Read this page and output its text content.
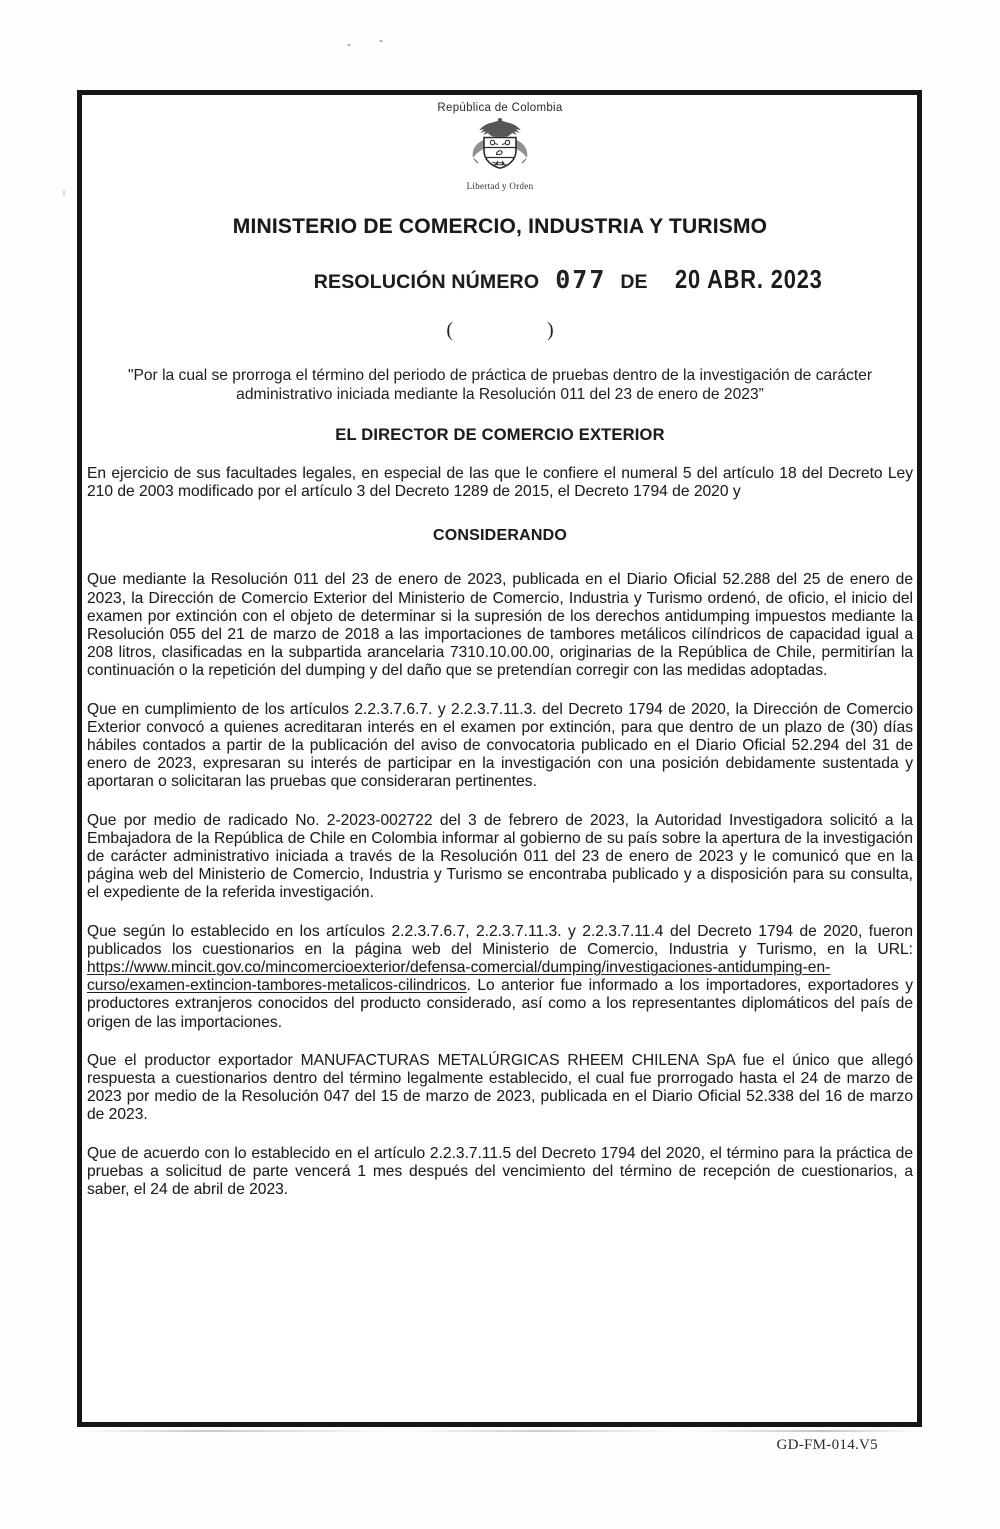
República de Colombia
Libertad y Orden
MINISTERIO DE COMERCIO, INDUSTRIA Y TURISMO
RESOLUCIÓN NÚMERO 077 DE 20 ABR. 2023
(	)

"Por la cual se prorroga el término del periodo de práctica de pruebas dentro de la investigación de carácter administrativo iniciada mediante la Resolución 011 del 23 de enero de 2023”

EL DIRECTOR DE COMERCIO EXTERIOR

En ejercicio de sus facultades legales, en especial de las que le confiere el numeral 5 del artículo 18 del Decreto Ley 210 de 2003 modificado por el artículo 3 del Decreto 1289 de 2015, el Decreto 1794 de 2020 y

CONSIDERANDO

Que mediante la Resolución 011 del 23 de enero de 2023, publicada en el Diario Oficial 52.288 del 25 de enero de 2023, la Dirección de Comercio Exterior del Ministerio de Comercio, Industria y Turismo ordenó, de oficio, el inicio del examen por extinción con el objeto de determinar si la supresión de los derechos antidumping impuestos mediante la Resolución 055 del 21 de marzo de 2018 a las importaciones de tambores metálicos cilíndricos de capacidad igual a 208 litros, clasificadas en la subpartida arancelaria 7310.10.00.00, originarias de la República de Chile, permitirían la continuación o la repetición del dumping y del daño que se pretendían corregir con las medidas adoptadas.

Que en cumplimiento de los artículos 2.2.3.7.6.7. y 2.2.3.7.11.3. del Decreto 1794 de 2020, la Dirección de Comercio Exterior convocó a quienes acreditaran interés en el examen por extinción, para que dentro de un plazo de (30) días hábiles contados a partir de la publicación del aviso de convocatoria publicado en el Diario Oficial 52.294 del 31 de enero de 2023, expresaran su interés de participar en la investigación con una posición debidamente sustentada y aportaran o solicitaran las pruebas que consideraran pertinentes.

Que por medio de radicado No. 2-2023-002722 del 3 de febrero de 2023, la Autoridad Investigadora solicitó a la Embajadora de la República de Chile en Colombia informar al gobierno de su país sobre la apertura de la investigación de carácter administrativo iniciada a través de la Resolución 011 del 23 de enero de 2023 y le comunicó que en la página web del Ministerio de Comercio, Industria y Turismo se encontraba publicado y a disposición para su consulta, el expediente de la referida investigación.

Que según lo establecido en los artículos 2.2.3.7.6.7, 2.2.3.7.11.3. y 2.2.3.7.11.4 del Decreto 1794 de 2020, fueron publicados los cuestionarios en la página web del Ministerio de Comercio, Industria y Turismo, en la URL: https://www.mincit.gov.co/mincomercioexterior/defensa-comercial/dumping/investigaciones-antidumping-en-curso/examen-extincion-tambores-metalicos-cilindricos. Lo anterior fue informado a los importadores, exportadores y productores extranjeros conocidos del producto considerado, así como a los representantes diplomáticos del país de origen de las importaciones.

Que el productor exportador MANUFACTURAS METALÚRGICAS RHEEM CHILENA SpA fue el único que allegó respuesta a cuestionarios dentro del término legalmente establecido, el cual fue prorrogado hasta el 24 de marzo de 2023 por medio de la Resolución 047 del 15 de marzo de 2023, publicada en el Diario Oficial 52.338 del 16 de marzo de 2023.

Que de acuerdo con lo establecido en el artículo 2.2.3.7.11.5 del Decreto 1794 del 2020, el término para la práctica de pruebas a solicitud de parte vencerá 1 mes después del vencimiento del término de recepción de cuestionarios, a saber, el 24 de abril de 2023.

GD-FM-014.V5
